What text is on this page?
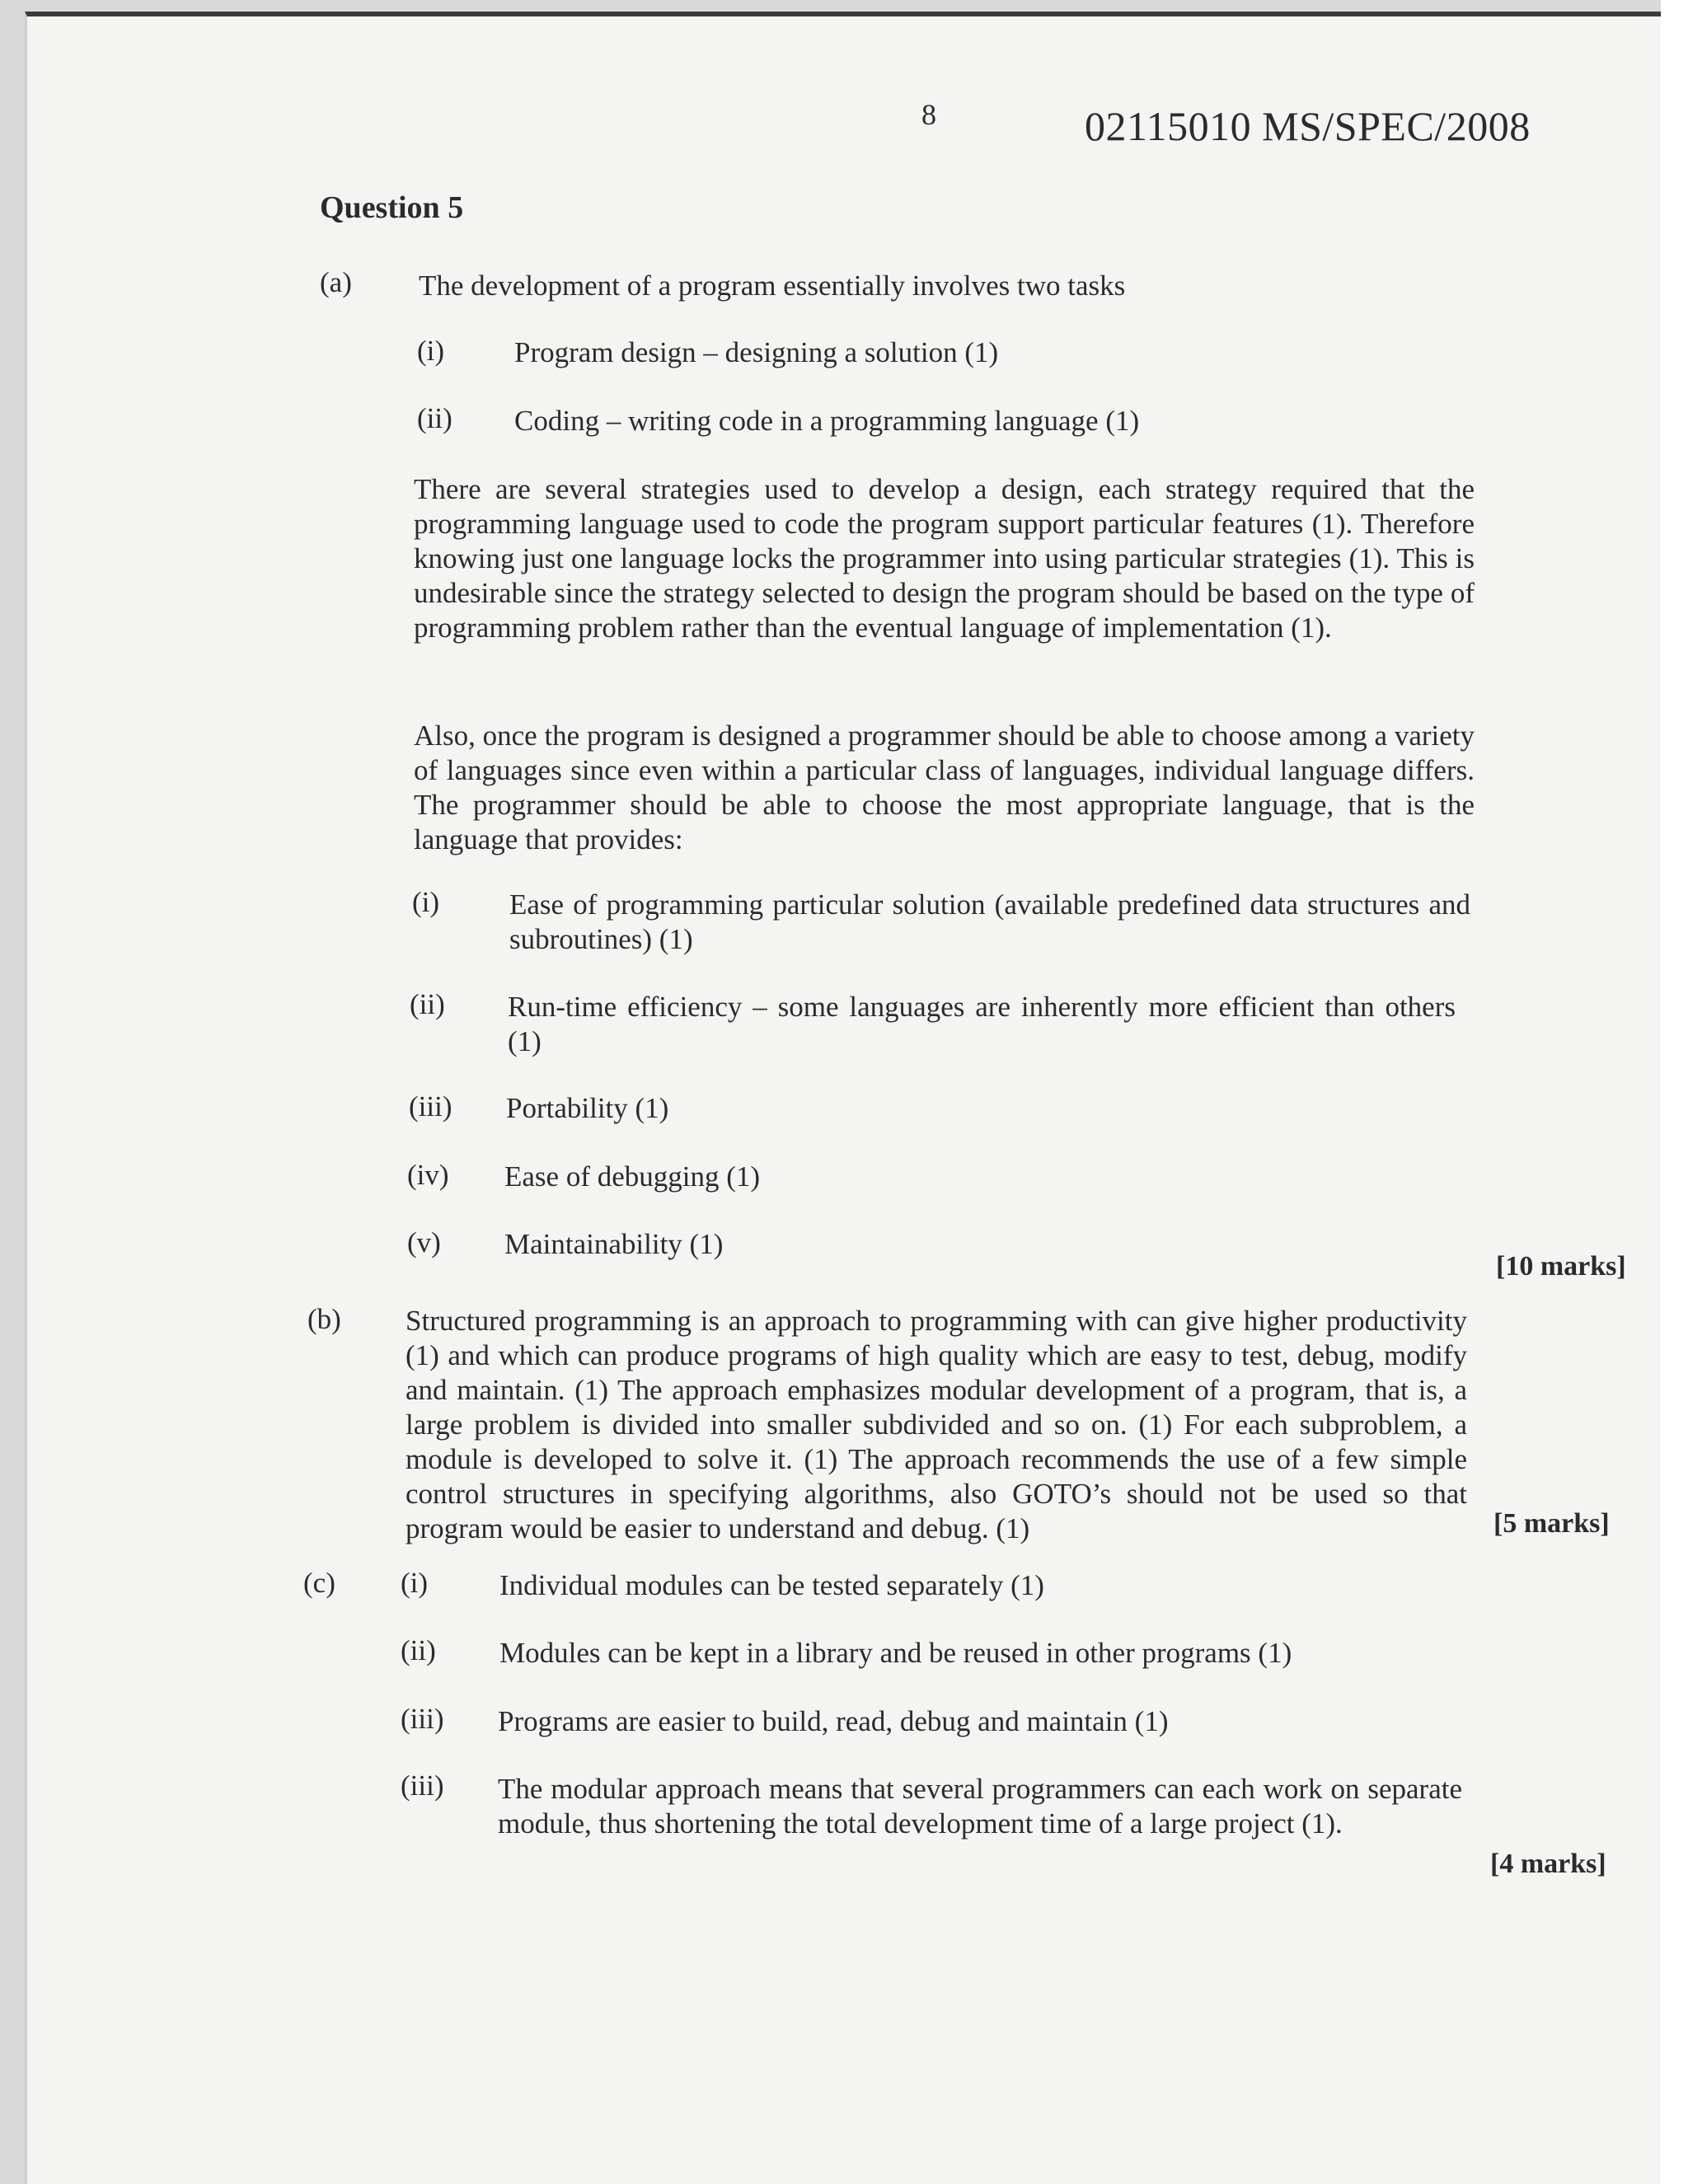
8	02115010 MS/SPEC/2008
Question 5
(a) The development of a program essentially involves two tasks
(i) Program design – designing a solution (1)
(ii) Coding – writing code in a programming language (1)
There are several strategies used to develop a design, each strategy required that the programming language used to code the program support particular features (1). Therefore knowing just one language locks the programmer into using particular strategies (1). This is undesirable since the strategy selected to design the program should be based on the type of programming problem rather than the eventual language of implementation (1).
Also, once the program is designed a programmer should be able to choose among a variety of languages since even within a particular class of languages, individual language differs. The programmer should be able to choose the most appropriate language, that is the language that provides:
(i) Ease of programming particular solution (available predefined data structures and subroutines) (1)
(ii) Run-time efficiency – some languages are inherently more efficient than others (1)
(iii) Portability (1)
(iv) Ease of debugging (1)
(v) Maintainability (1)
[10 marks]
(b) Structured programming is an approach to programming with can give higher productivity (1) and which can produce programs of high quality which are easy to test, debug, modify and maintain. (1) The approach emphasizes modular development of a program, that is, a large problem is divided into smaller subdivided and so on. (1) For each subproblem, a module is developed to solve it. (1) The approach recommends the use of a few simple control structures in specifying algorithms, also GOTO’s should not be used so that program would be easier to understand and debug. (1)	[5 marks]
(c) (i) Individual modules can be tested separately (1)
(ii) Modules can be kept in a library and be reused in other programs (1)
(iii) Programs are easier to build, read, debug and maintain (1)
(iii) The modular approach means that several programmers can each work on separate module, thus shortening the total development time of a large project (1).
[4 marks]
